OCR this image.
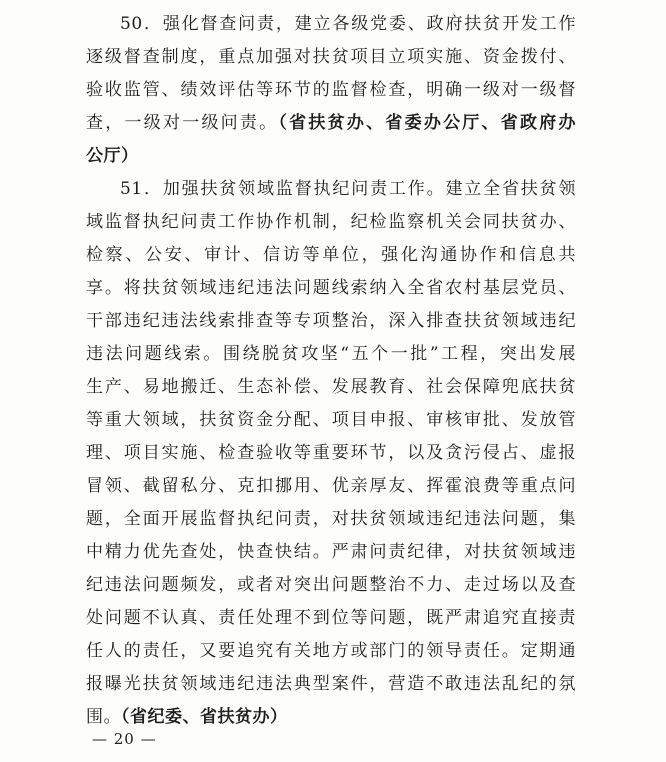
50．强化督查问责，建立各级党委、政府扶贫开发工作
逐级督查制度，重点加强对扶贫项目立项实施、资金拨付、
验收监管、绩效评估等环节的监督检查，明确一级对一级督
查，一级对一级问责。（省扶贫办、省委办公厅、省政府办
公厅）
51．加强扶贫领域监督执纪问责工作。建立全省扶贫领
域监督执纪问责工作协作机制，纪检监察机关会同扶贫办、
检察、公安、审计、信访等单位，强化沟通协作和信息共
享。将扶贫领域违纪违法问题线索纳入全省农村基层党员、
干部违纪违法线索排查等专项整治，深入排查扶贫领域违纪
违法问题线索。围绕脱贫攻坚“五个一批”工程，突出发展
生产、易地搬迁、生态补偿、发展教育、社会保障兜底扶贫
等重大领域，扶贫资金分配、项目申报、审核审批、发放管
理、项目实施、检查验收等重要环节，以及贪污侵占、虚报
冒领、截留私分、克扣挪用、优亲厚友、挥霍浪费等重点问
题，全面开展监督执纪问责，对扶贫领域违纪违法问题，集
中精力优先查处，快查快结。严肃问责纪律，对扶贫领域违
纪违法问题频发，或者对突出问题整治不力、走过场以及查
处问题不认真、责任处理不到位等问题，既严肃追究直接责
任人的责任，又要追究有关地方或部门的领导责任。定期通
报曝光扶贫领域违纪违法典型案件，营造不敢违法乱纪的氛
围。（省纪委、省扶贫办）
— 20 —
